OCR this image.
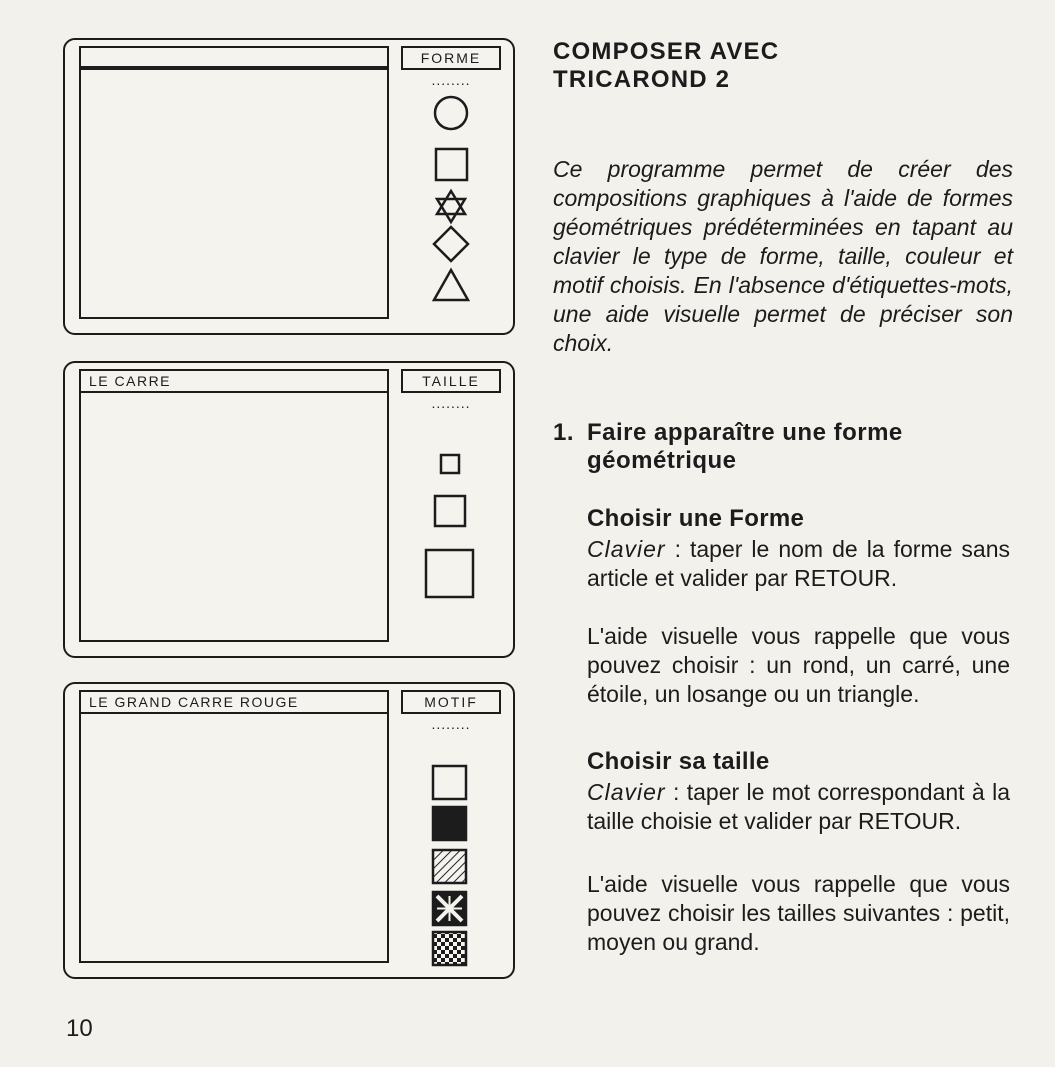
FORME
........
LE CARRE	TAILLE
........
LE GRAND CARRE ROUGE	MOTIF
........
COMPOSER AVEC
TRICAROND 2
Ce programme permet de créer des compositions graphiques à l'aide de formes géométriques prédéterminées en tapant au clavier le type de forme, taille, couleur et motif choisis. En l'absence d'étiquettes-mots, une aide visuelle permet de préciser son choix.
1. Faire apparaître une forme
géométrique
Choisir une Forme
Clavier : taper le nom de la forme sans article et valider par RETOUR.
L'aide visuelle vous rappelle que vous pouvez choisir : un rond, un carré, une étoile, un losange ou un triangle.
Choisir sa taille
Clavier : taper le mot correspondant à la taille choisie et valider par RETOUR.
L'aide visuelle vous rappelle que vous pouvez choisir les tailles suivantes : petit, moyen ou grand.
10
